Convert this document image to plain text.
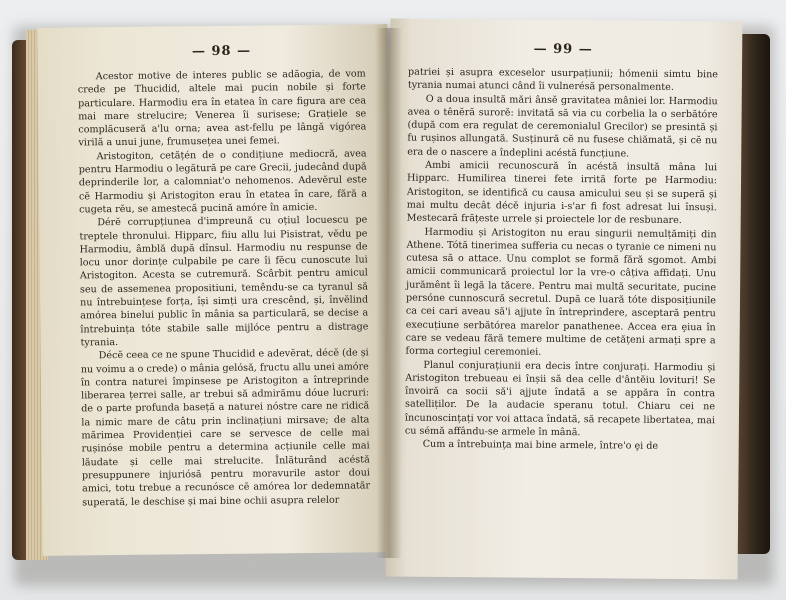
— 98 —

Acestor motive de interes public se adăogia, de vom crede pe Thucidid, altele mai pucin nobile și forte particulare. Harmodiu era în etatea în care figura are cea mai mare strelucire; Venerea îi surisese; Grațiele se complăcuseră a'lu orna; avea ast-fellu pe lângă vigórea virilă a unui june, frumusețea unei femei.

Aristogiton, cetățén de o condițiune mediocră, avea pentru Harmodiu o legătură pe care Grecii, judecând după deprinderile lor, a calomniat'o nehomenos. Adevĕrul este cĕ Harmodiu și Aristogiton erau în etatea în care, fără a cugeta rĕu, se amestecă pucină amóre în amicie.

Dérĕ corrupțiunea d'impreună cu oțiul locuescu pe treptele thronului. Hipparc, fiiu allu lui Pisistrat, vĕdu pe Harmodiu, âmblă după dînsul. Harmodiu nu respunse de locu unor dorințe culpabile pe care îi fĕcu cunoscute lui Aristogiton. Acesta se cutremură. Scârbit pentru amicul seu de assemenea propositiuni, temêndu-se ca tyranul să nu întrebuințese forța, își simți ura crescênd, și, învĕlind amórea binelui public în mânia sa particulară, se decise a întrebuința tóte stabile salle mijlóce pentru a distrage tyrania.

Décĕ ceea ce ne spune Thucidid e adevĕrat, décĕ (de și nu voimu a o crede) o mânia gelósă, fructu allu unei amóre în contra naturei împinsese pe Aristogiton a întreprinde liberarea țerrei salle, ar trebui să admirămu dóue lucruri: de o parte profunda baseță a naturei nóstre care ne ridică la nimic mare de câtu prin inclinațiuni mirsave; de alta mărimea Providenției care se servesce de celle mai rușinóse mobile pentru a determina acțiunile celle mai lăudate și celle mai strelucite. Înlăturând acéstă presuppunere injuriósă pentru moravurile astor doui amici, totu trebue a recunósce cĕ amórea lor dedemnatăr superată, le deschise și mai bine ochii asupra relelor

— 99 —

patriei și asupra exceselor usurpațiunii; hómenii simtu bine tyrania numai atunci când îi vulnerésă personalmente.

O a doua insultă mări ânsĕ gravitatea mâniei lor. Harmodiu avea o tênĕră surorĕ: invitată să via cu corbelia la o serbătóre (după com era regulat de ceremonialul Grecilor) se presintă și fu rușinos allungată. Susținură cĕ nu fusese chiămată, și cĕ nu era de o nascere a îndeplini acéstă funcțiune.

Ambi amicii recunoscură în acéstă insultă mâna lui Hipparc. Humilirea tinerei fete irrită forte pe Harmodiu: Aristogiton, se identifică cu causa amicului seu și se superă și mai multu decât décĕ injuria i-s'ar fi fost adresat lui însuși. Mestecară frățeste urrele și proiectele lor de resbunare.

Harmodiu și Aristogiton nu erau singurii nemulțămiți din Athene. Tótă tinerimea sufferia cu necas o tyranie ce nimeni nu cutesa să o attace. Unu complot se formă fără sgomot. Ambi amicii communicară proiectul lor la vre-o câțiva affidați. Unu jurămênt îi legă la tăcere. Pentru mai multă securitate, pucine persóne cunnoscură secretul. După ce luară tóte disposițiunile ca cei cari aveau să'i ajjute în întreprindere, asceptară pentru execuțiune serbătórea marelor panathenee. Accea era ȩiua în care se vedeau fără temere multime de cetățeni armați spre a forma cortegiul ceremoniei.

Planul conjurațiunii era decis între conjurați. Harmodiu și Aristogiton trebueau ei înșii să dea celle d'ântĕiu lovituri! Se învoiră ca socii să'i ajjute îndată a se appăra în contra satelliților. De la audacie speranu totul. Chiaru cei ne încunoscințați vor voi attaca îndată, să recapete libertatea, mai cu sémă affându-se armele în mână.

Cum a întrebuința mai bine armele, între'o ȩi de
